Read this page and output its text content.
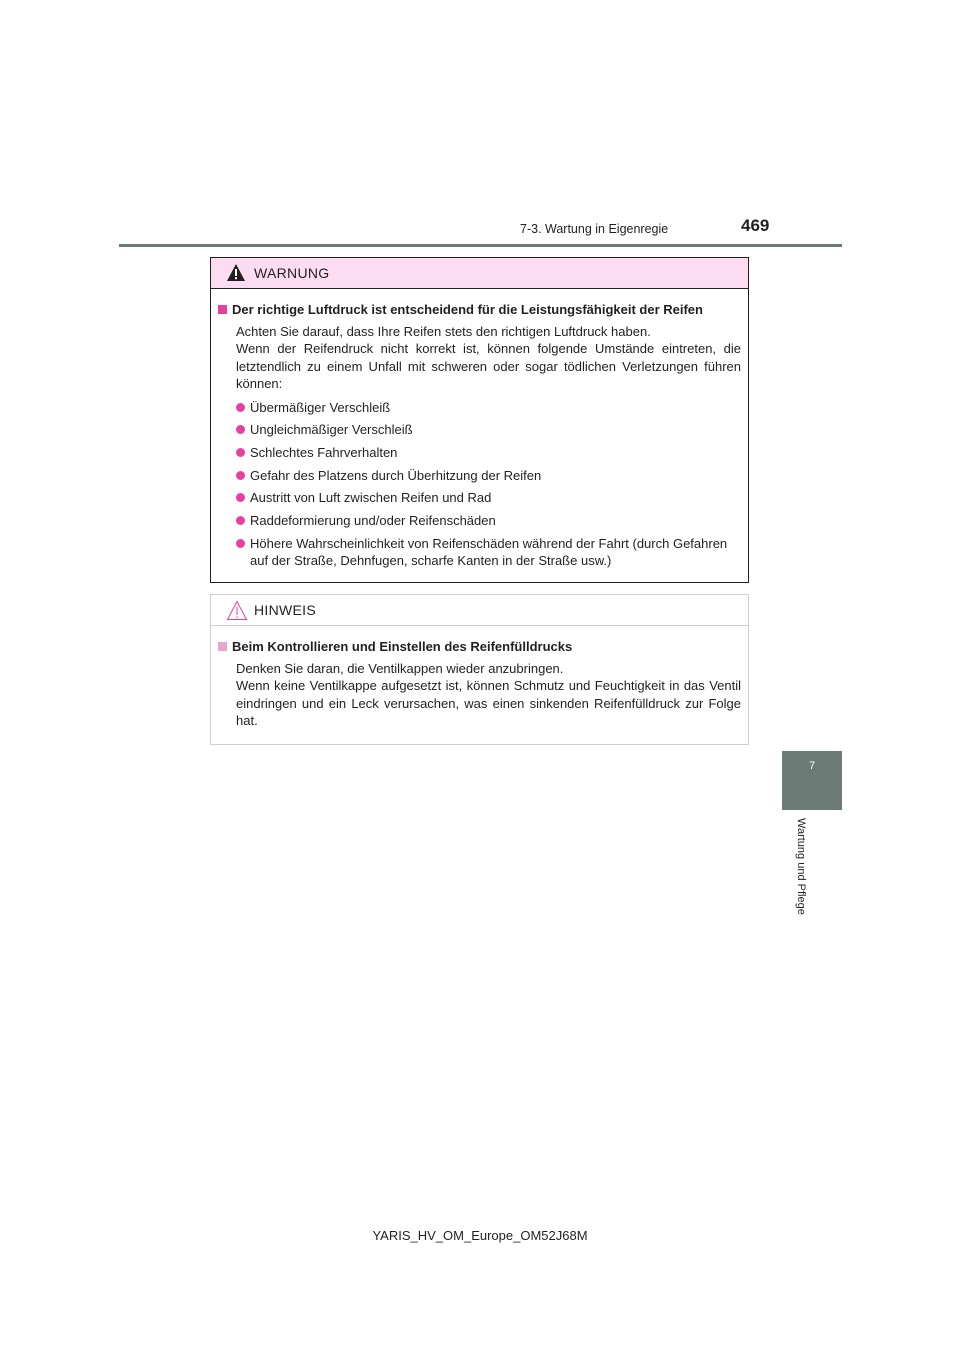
7-3. Wartung in Eigenregie	469
7
Wartung und Pflege
WARNUNG
Der richtige Luftdruck ist entscheidend für die Leistungsfähigkeit der Reifen

Achten Sie darauf, dass Ihre Reifen stets den richtigen Luftdruck haben.

Wenn der Reifendruck nicht korrekt ist, können folgende Umstände eintreten, die letztendlich zu einem Unfall mit schweren oder sogar tödlichen Verletzungen führen können:

Übermäßiger Verschleiß
Ungleichmäßiger Verschleiß
Schlechtes Fahrverhalten
Gefahr des Platzens durch Überhitzung der Reifen
Austritt von Luft zwischen Reifen und Rad
Raddeformierung und/oder Reifenschäden
Höhere Wahrscheinlichkeit von Reifenschäden während der Fahrt (durch Gefahren auf der Straße, Dehnfugen, scharfe Kanten in der Straße usw.)
HINWEIS
Beim Kontrollieren und Einstellen des Reifenfülldrucks

Denken Sie daran, die Ventilkappen wieder anzubringen.

Wenn keine Ventilkappe aufgesetzt ist, können Schmutz und Feuchtigkeit in das Ventil eindringen und ein Leck verursachen, was einen sinkenden Reifenfülldruck zur Folge hat.

YARIS_HV_OM_Europe_OM52J68M
